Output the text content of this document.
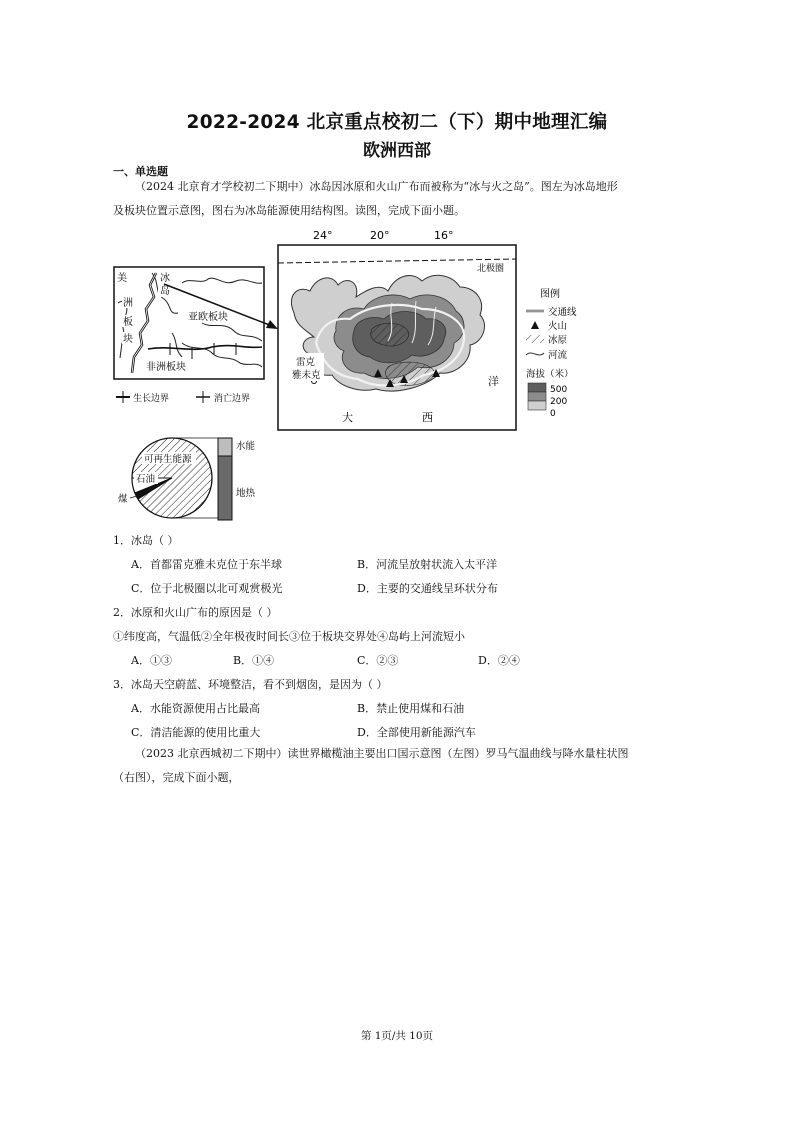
2022-2024 北京重点校初二（下）期中地理汇编
欧洲西部
一、单选题
（2024 北京育才学校初二下期中）冰岛因冰原和火山广布而被称为“冰与火之岛”。图左为冰岛地形
及板块位置示意图，图右为冰岛能源使用结构图。读图，完成下面小题。
美
洲
板
块
冰
岛
亚欧板块
非洲板块
生长边界	消亡边界
24°	20°	16°
北极圈
雷克
雅未克
大	西
洋
图例
交通线
火山
冰原
河流
海拔（米）
500
200
0
可再生能源
石油
煤
水能
地热
1．冰岛（ ）
A．首都雷克雅未克位于东半球	B．河流呈放射状流入太平洋
C．位于北极圈以北可观赏极光	D．主要的交通线呈环状分布
2．冰原和火山广布的原因是（ ）
①纬度高，气温低②全年极夜时间长③位于板块交界处④岛屿上河流短小
A．①③	B．①④	C．②③	D．②④
3．冰岛天空蔚蓝、环境整洁，看不到烟囱，是因为（ ）
A．水能资源使用占比最高	B．禁止使用煤和石油
C．清洁能源的使用比重大	D．全部使用新能源汽车
（2023 北京西城初二下期中）读世界橄榄油主要出口国示意图（左图）罗马气温曲线与降水量柱状图
（右图），完成下面小题，
第 1页/共 10页
